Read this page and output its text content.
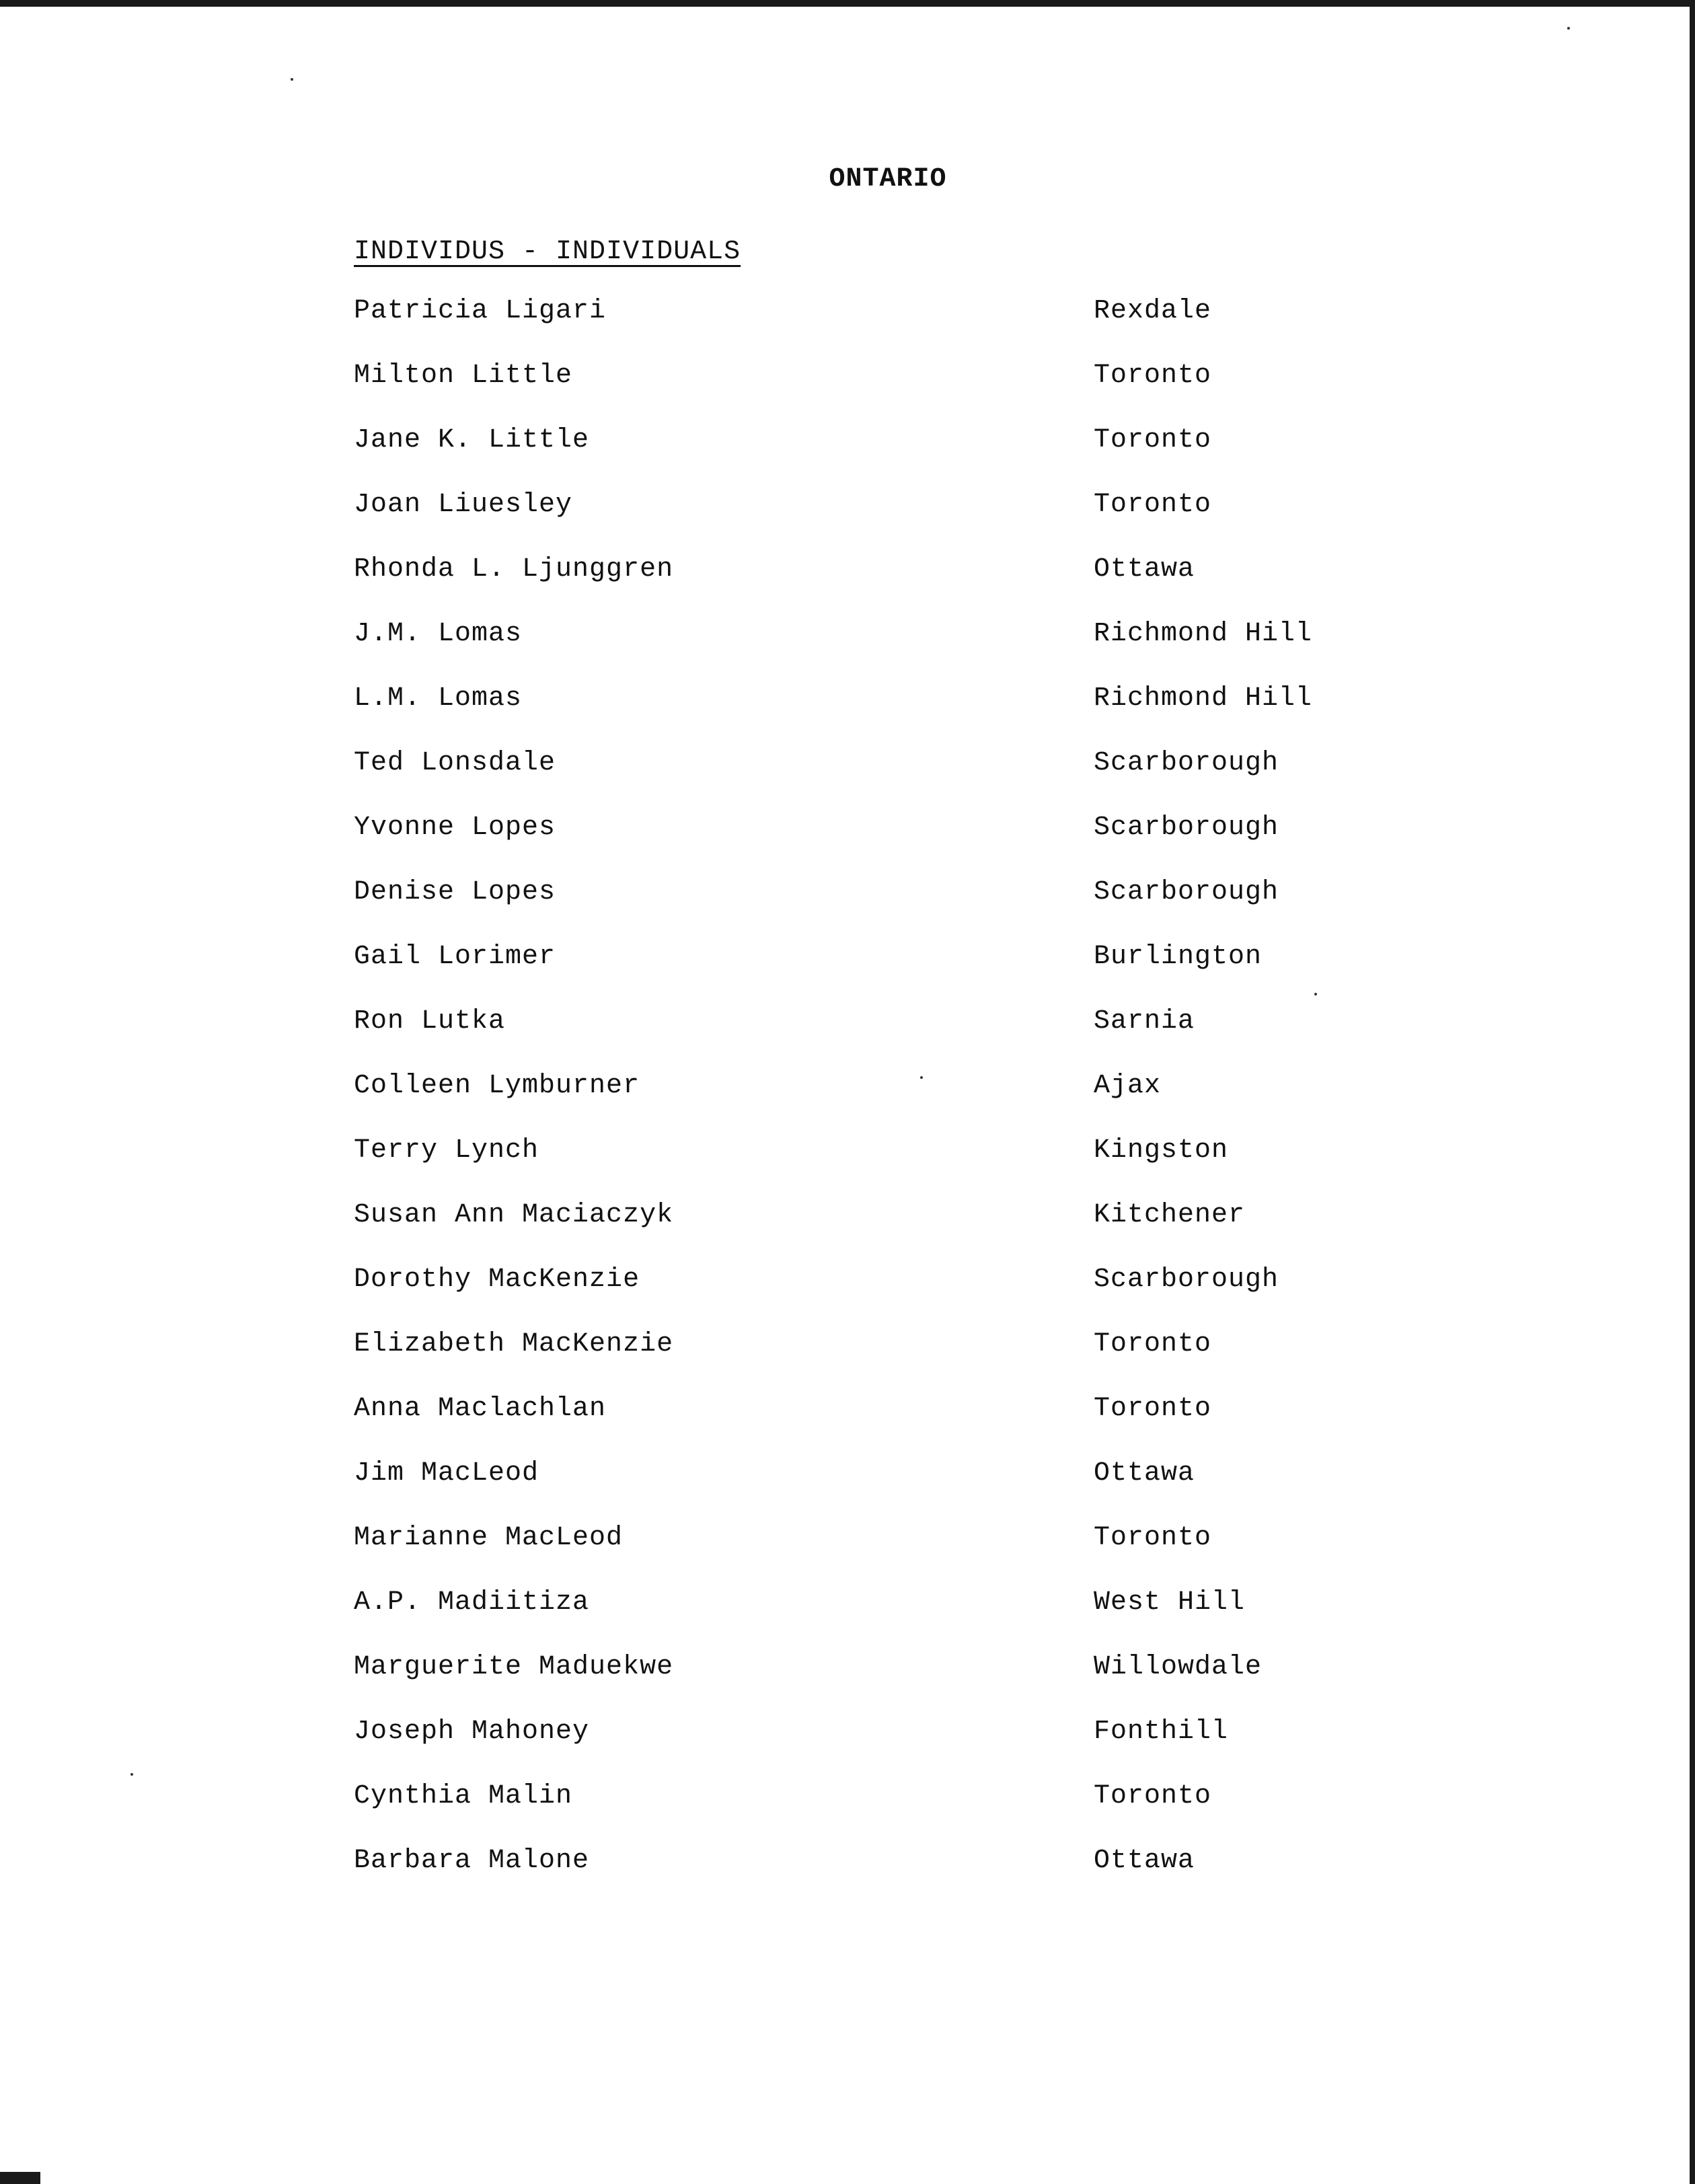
ONTARIO
INDIVIDUS - INDIVIDUALS
Patricia Ligari	Rexdale
Milton Little	Toronto
Jane K. Little	Toronto
Joan Liuesley	Toronto
Rhonda L. Ljunggren	Ottawa
J.M. Lomas	Richmond Hill
L.M. Lomas	Richmond Hill
Ted Lonsdale	Scarborough
Yvonne Lopes	Scarborough
Denise Lopes	Scarborough
Gail Lorimer	Burlington
Ron Lutka	Sarnia
Colleen Lymburner	Ajax
Terry Lynch	Kingston
Susan Ann Maciaczyk	Kitchener
Dorothy MacKenzie	Scarborough
Elizabeth MacKenzie	Toronto
Anna Maclachlan	Toronto
Jim MacLeod	Ottawa
Marianne MacLeod	Toronto
A.P. Madiitiza	West Hill
Marguerite Maduekwe	Willowdale
Joseph Mahoney	Fonthill
Cynthia Malin	Toronto
Barbara Malone	Ottawa
